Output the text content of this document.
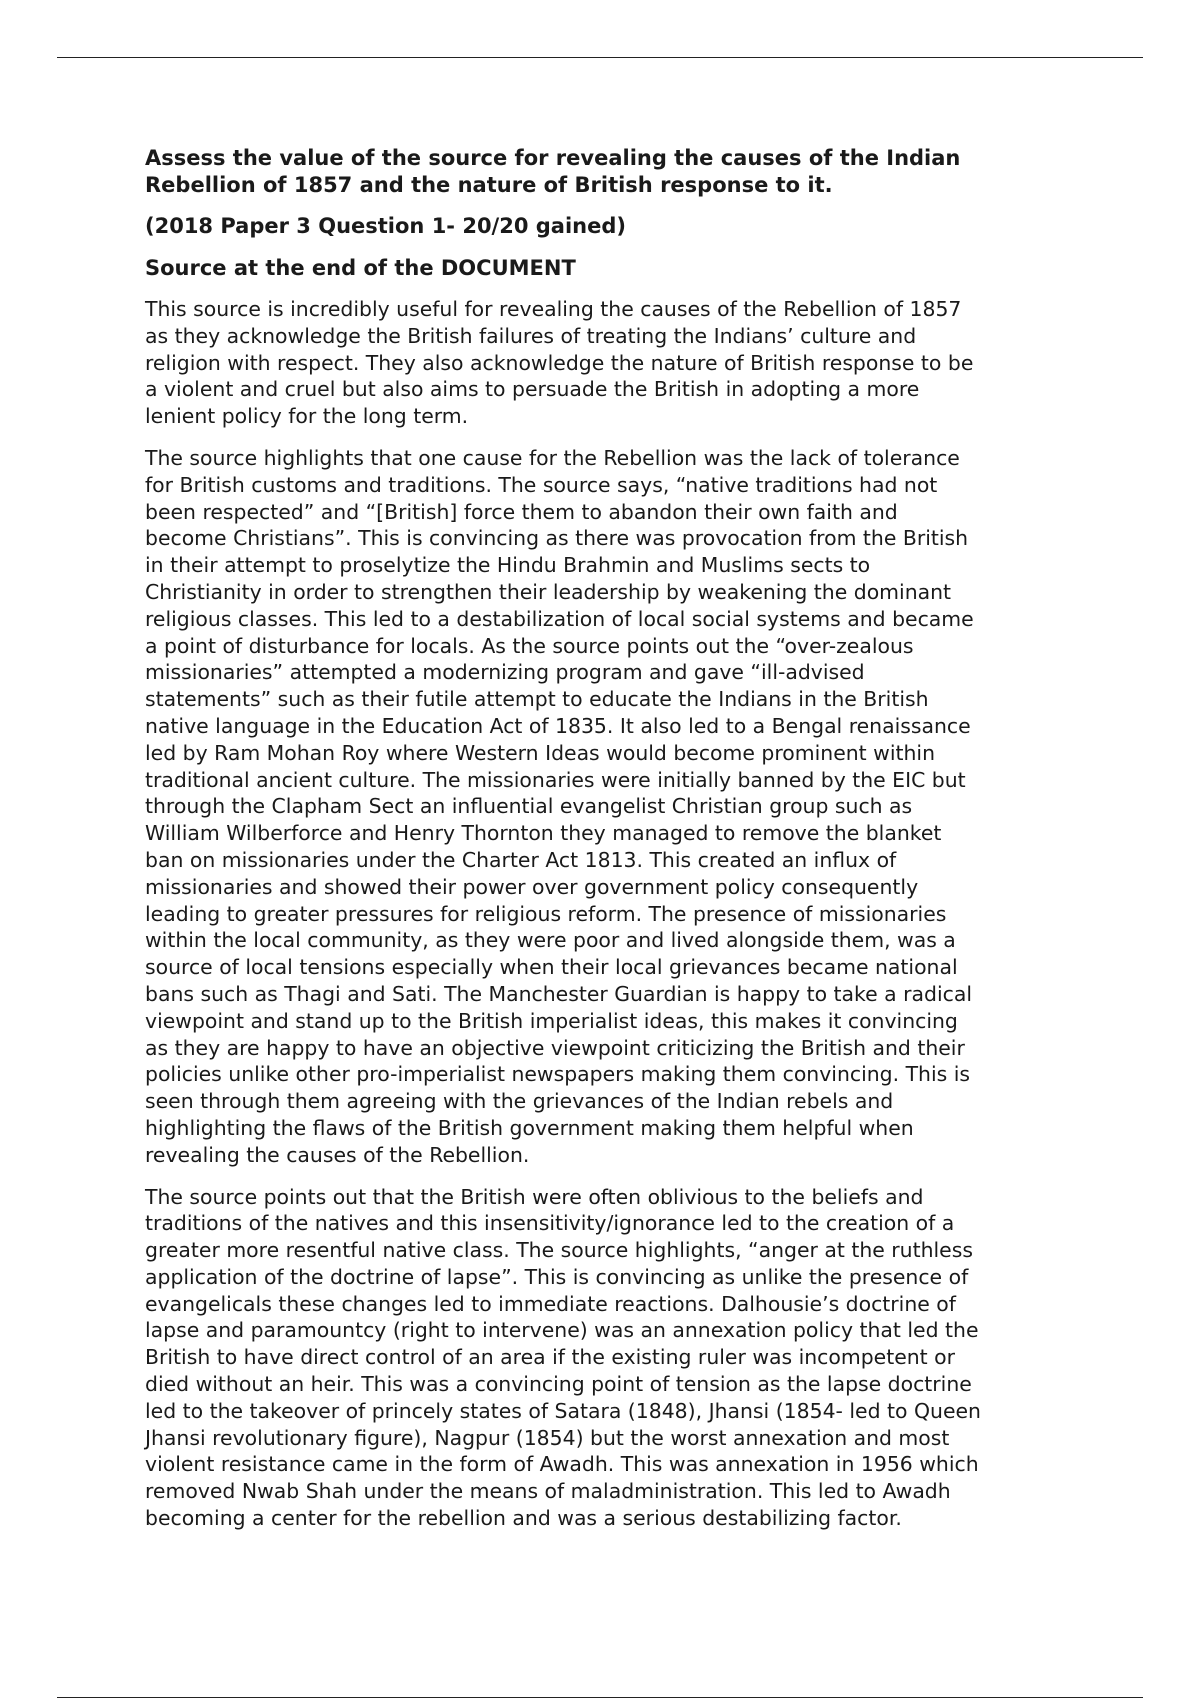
Assess the value of the source for revealing the causes of the Indian
Rebellion of 1857 and the nature of British response to it.

(2018 Paper 3 Question 1- 20/20 gained)

Source at the end of the DOCUMENT

This source is incredibly useful for revealing the causes of the Rebellion of 1857
as they acknowledge the British failures of treating the Indians’ culture and
religion with respect. They also acknowledge the nature of British response to be
a violent and cruel but also aims to persuade the British in adopting a more
lenient policy for the long term.

The source highlights that one cause for the Rebellion was the lack of tolerance
for British customs and traditions. The source says, “native traditions had not
been respected” and “[British] force them to abandon their own faith and
become Christians”. This is convincing as there was provocation from the British
in their attempt to proselytize the Hindu Brahmin and Muslims sects to
Christianity in order to strengthen their leadership by weakening the dominant
religious classes. This led to a destabilization of local social systems and became
a point of disturbance for locals. As the source points out the “over-zealous
missionaries” attempted a modernizing program and gave “ill-advised
statements” such as their futile attempt to educate the Indians in the British
native language in the Education Act of 1835. It also led to a Bengal renaissance
led by Ram Mohan Roy where Western Ideas would become prominent within
traditional ancient culture. The missionaries were initially banned by the EIC but
through the Clapham Sect an influential evangelist Christian group such as
William Wilberforce and Henry Thornton they managed to remove the blanket
ban on missionaries under the Charter Act 1813. This created an influx of
missionaries and showed their power over government policy consequently
leading to greater pressures for religious reform. The presence of missionaries
within the local community, as they were poor and lived alongside them, was a
source of local tensions especially when their local grievances became national
bans such as Thagi and Sati. The Manchester Guardian is happy to take a radical
viewpoint and stand up to the British imperialist ideas, this makes it convincing
as they are happy to have an objective viewpoint criticizing the British and their
policies unlike other pro-imperialist newspapers making them convincing. This is
seen through them agreeing with the grievances of the Indian rebels and
highlighting the flaws of the British government making them helpful when
revealing the causes of the Rebellion.

The source points out that the British were often oblivious to the beliefs and
traditions of the natives and this insensitivity/ignorance led to the creation of a
greater more resentful native class. The source highlights, “anger at the ruthless
application of the doctrine of lapse”. This is convincing as unlike the presence of
evangelicals these changes led to immediate reactions. Dalhousie’s doctrine of
lapse and paramountcy (right to intervene) was an annexation policy that led the
British to have direct control of an area if the existing ruler was incompetent or
died without an heir. This was a convincing point of tension as the lapse doctrine
led to the takeover of princely states of Satara (1848), Jhansi (1854- led to Queen
Jhansi revolutionary figure), Nagpur (1854) but the worst annexation and most
violent resistance came in the form of Awadh. This was annexation in 1956 which
removed Nwab Shah under the means of maladministration. This led to Awadh
becoming a center for the rebellion and was a serious destabilizing factor.
